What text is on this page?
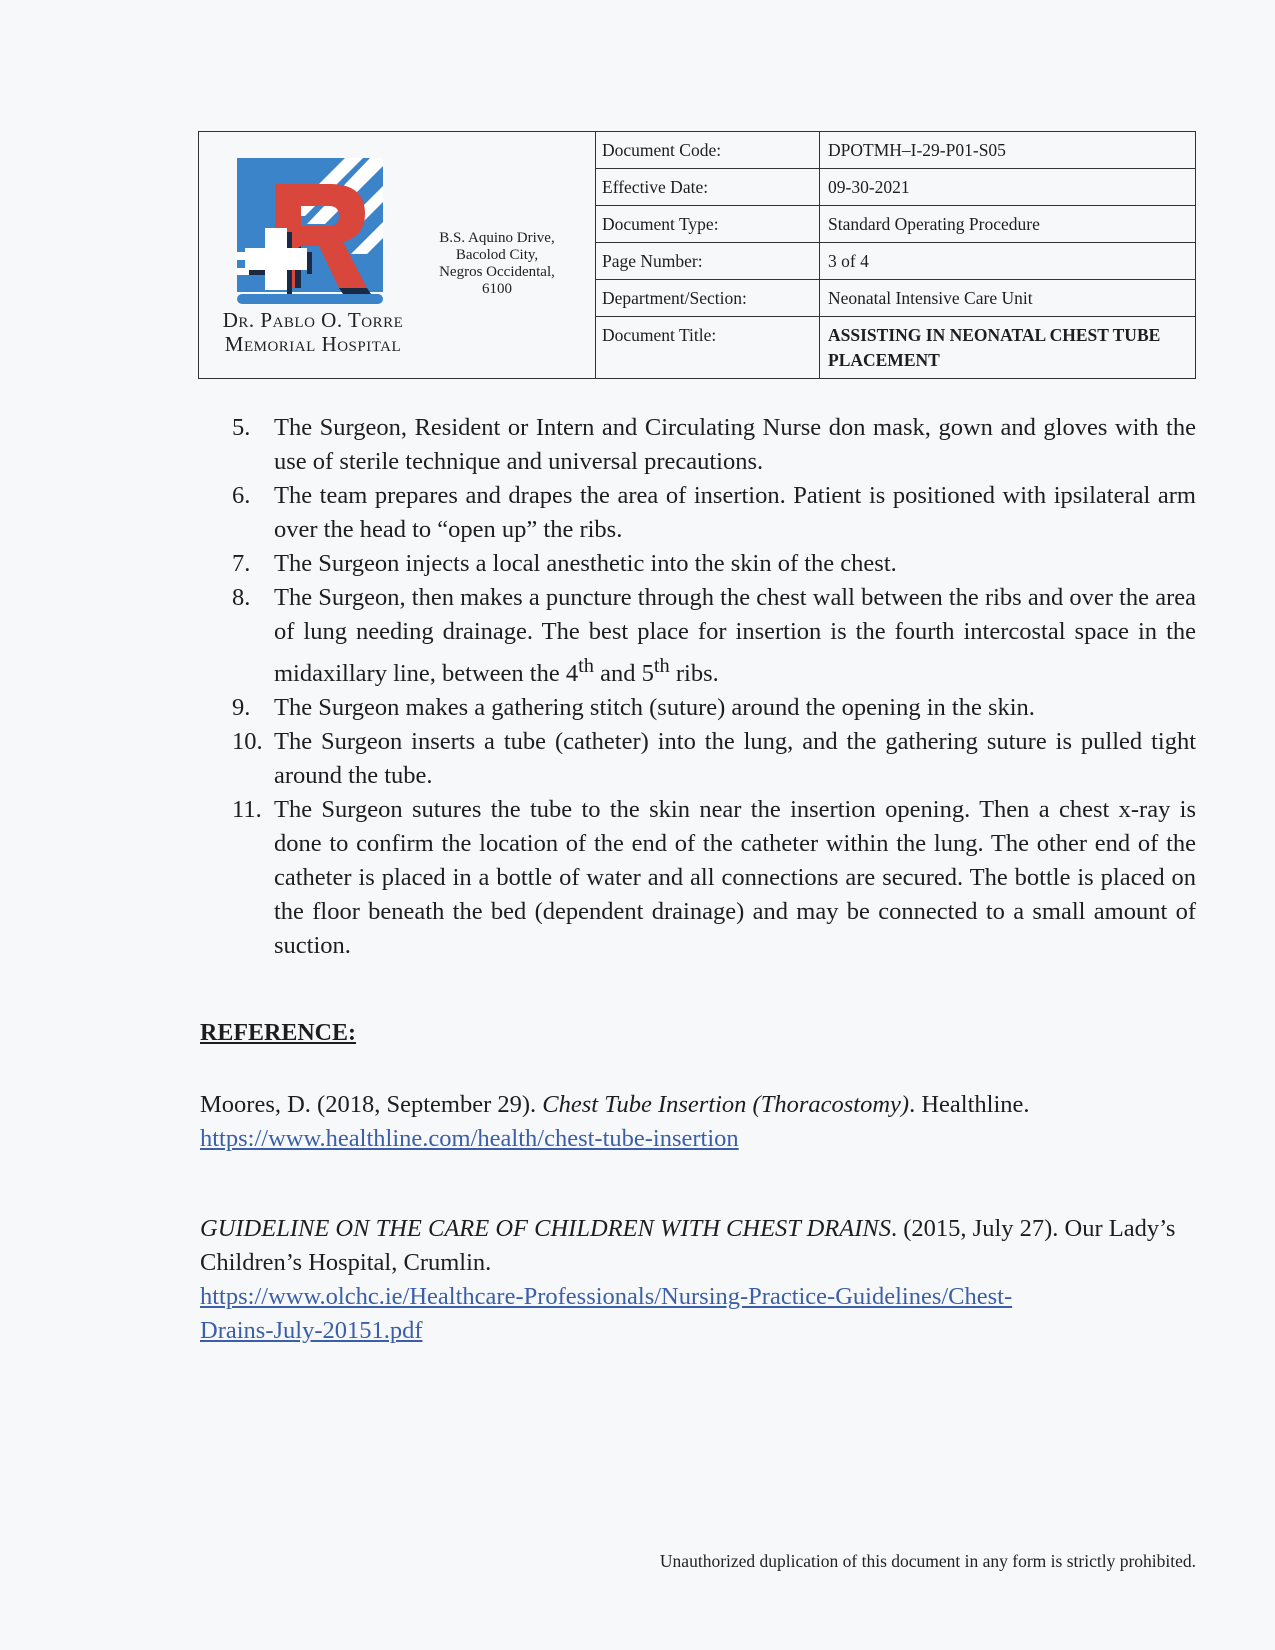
Dr. Pablo O. Torre
Memorial Hospital
B.S. Aquino Drive,
Bacolod City,
Negros Occidental,
6100
Document Code:	DPOTMH–I-29-P01-S05
Effective Date:	09-30-2021
Document Type:	Standard Operating Procedure
Page Number:	3 of 4
Department/Section:	Neonatal Intensive Care Unit
Document Title:	ASSISTING IN NEONATAL CHEST TUBE PLACEMENT
5. The Surgeon, Resident or Intern and Circulating Nurse don mask, gown and gloves with the use of sterile technique and universal precautions.
6. The team prepares and drapes the area of insertion. Patient is positioned with ipsilateral arm over the head to “open up” the ribs.
7. The Surgeon injects a local anesthetic into the skin of the chest.
8. The Surgeon, then makes a puncture through the chest wall between the ribs and over the area of lung needing drainage. The best place for insertion is the fourth intercostal space in the midaxillary line, between the 4th and 5th ribs.
9. The Surgeon makes a gathering stitch (suture) around the opening in the skin.
10. The Surgeon inserts a tube (catheter) into the lung, and the gathering suture is pulled tight around the tube.
11. The Surgeon sutures the tube to the skin near the insertion opening. Then a chest x-ray is done to confirm the location of the end of the catheter within the lung. The other end of the catheter is placed in a bottle of water and all connections are secured. The bottle is placed on the floor beneath the bed (dependent drainage) and may be connected to a small amount of suction.
REFERENCE:
Moores, D. (2018, September 29). Chest Tube Insertion (Thoracostomy). Healthline.
https://www.healthline.com/health/chest-tube-insertion
GUIDELINE ON THE CARE OF CHILDREN WITH CHEST DRAINS. (2015, July 27). Our Lady’s Children’s Hospital, Crumlin.
https://www.olchc.ie/Healthcare-Professionals/Nursing-Practice-Guidelines/Chest-
Drains-July-20151.pdf
Unauthorized duplication of this document in any form is strictly prohibited.
